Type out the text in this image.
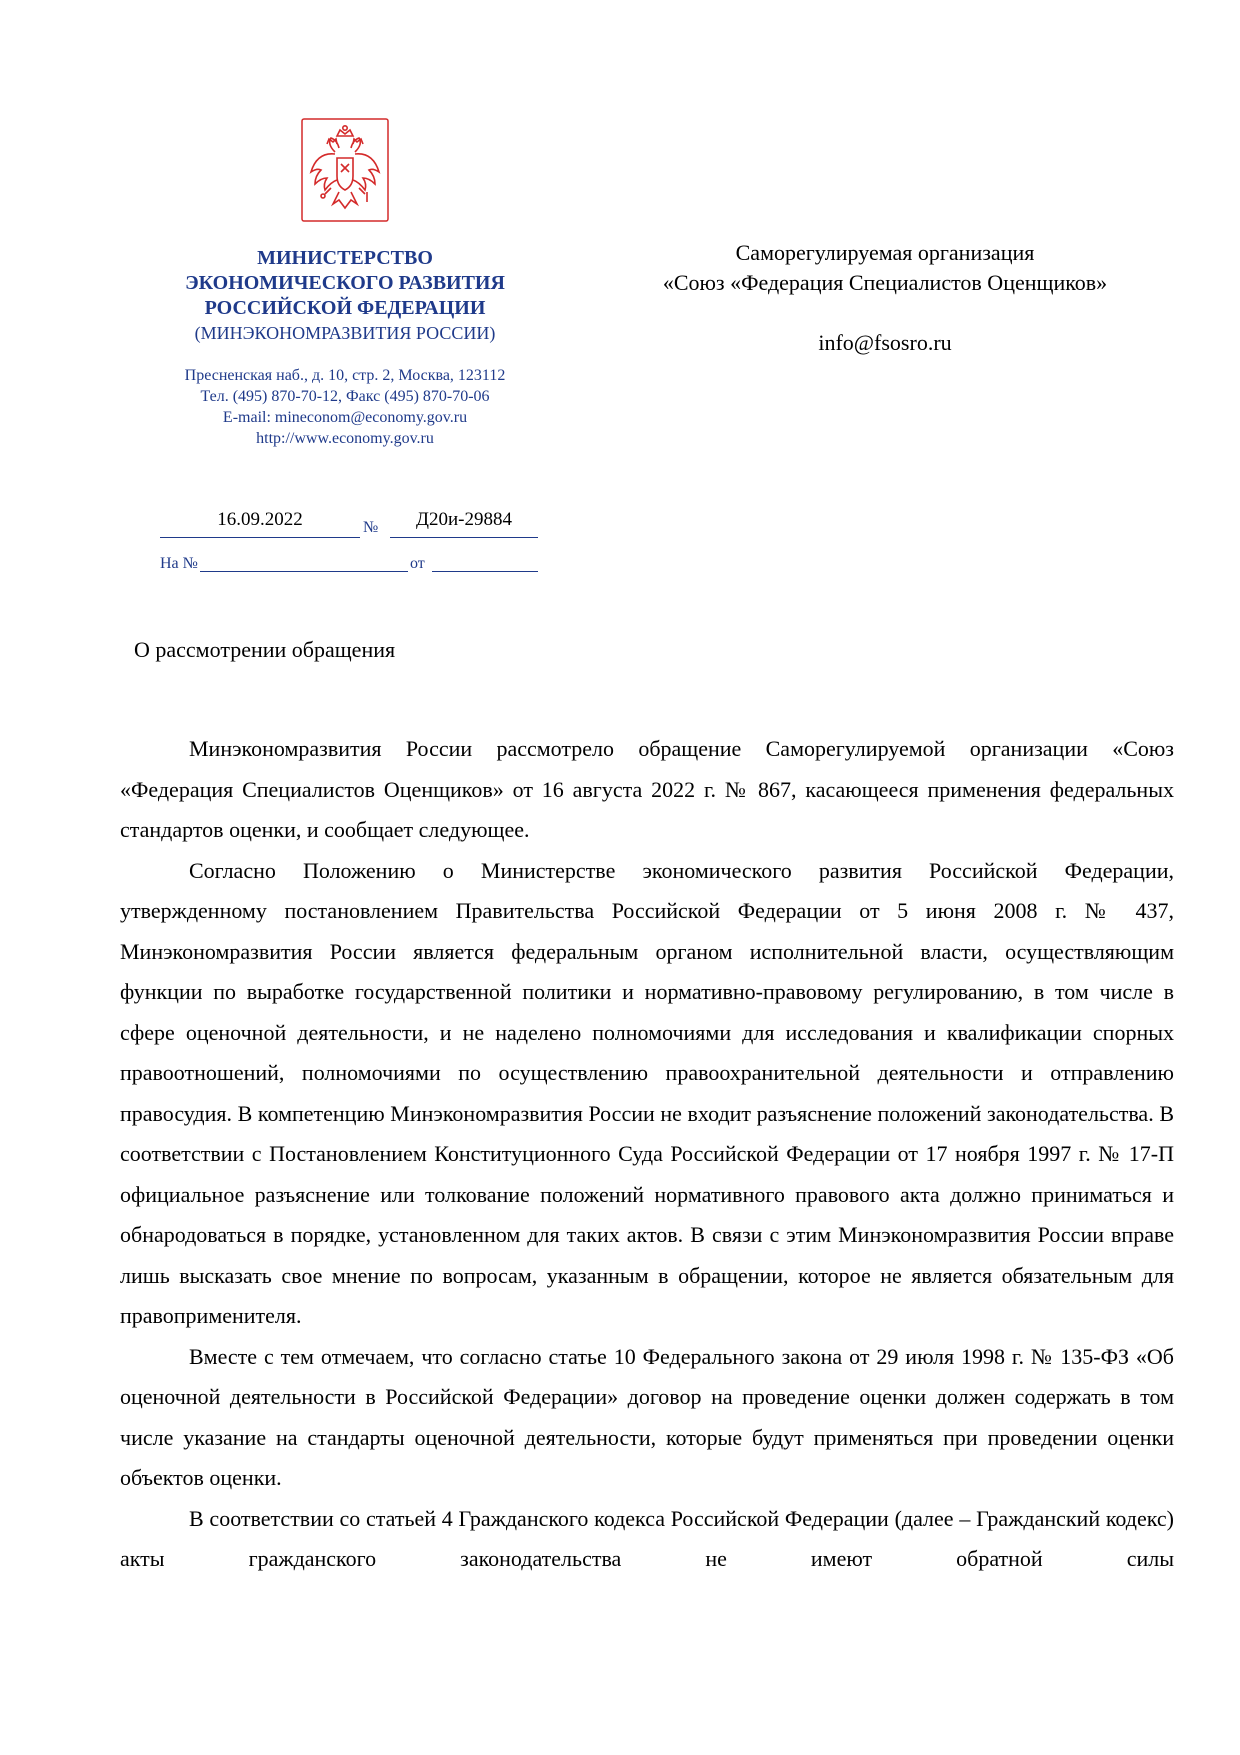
МИНИСТЕРСТВО
ЭКОНОМИЧЕСКОГО РАЗВИТИЯ
РОССИЙСКОЙ ФЕДЕРАЦИИ
(МИНЭКОНОМРАЗВИТИЯ РОССИИ)
Пресненская наб., д. 10, стр. 2, Москва, 123112
Тел. (495) 870-70-12, Факс (495) 870-70-06
E-mail: mineconom@economy.gov.ru
http://www.economy.gov.ru
16.09.2022	№	Д20и-29884
На №	от
Саморегулируемая организация
«Союз «Федерация Специалистов Оценщиков»
info@fsosro.ru
О рассмотрении обращения

Минэкономразвития России рассмотрело обращение Саморегулируемой организации «Союз «Федерация Специалистов Оценщиков» от 16 августа 2022 г. № 867, касающееся применения федеральных стандартов оценки, и сообщает следующее.

Согласно Положению о Министерстве экономического развития Российской Федерации, утвержденному постановлением Правительства Российской Федерации от 5 июня 2008 г. № 437, Минэкономразвития России является федеральным органом исполнительной власти, осуществляющим функции по выработке государственной политики и нормативно-правовому регулированию, в том числе в сфере оценочной деятельности, и не наделено полномочиями для исследования и квалификации спорных правоотношений, полномочиями по осуществлению правоохранительной деятельности и отправлению правосудия. В компетенцию Минэкономразвития России не входит разъяснение положений законодательства. В соответствии с Постановлением Конституционного Суда Российской Федерации от 17 ноября 1997 г. № 17-П официальное разъяснение или толкование положений нормативного правового акта должно приниматься и обнародоваться в порядке, установленном для таких актов. В связи с этим Минэкономразвития России вправе лишь высказать свое мнение по вопросам, указанным в обращении, которое не является обязательным для правоприменителя.

Вместе с тем отмечаем, что согласно статье 10 Федерального закона от 29 июля 1998 г. № 135-ФЗ «Об оценочной деятельности в Российской Федерации» договор на проведение оценки должен содержать в том числе указание на стандарты оценочной деятельности, которые будут применяться при проведении оценки объектов оценки.

В соответствии со статьей 4 Гражданского кодекса Российской Федерации (далее – Гражданский кодекс) акты гражданского законодательства не имеют обратной силы
